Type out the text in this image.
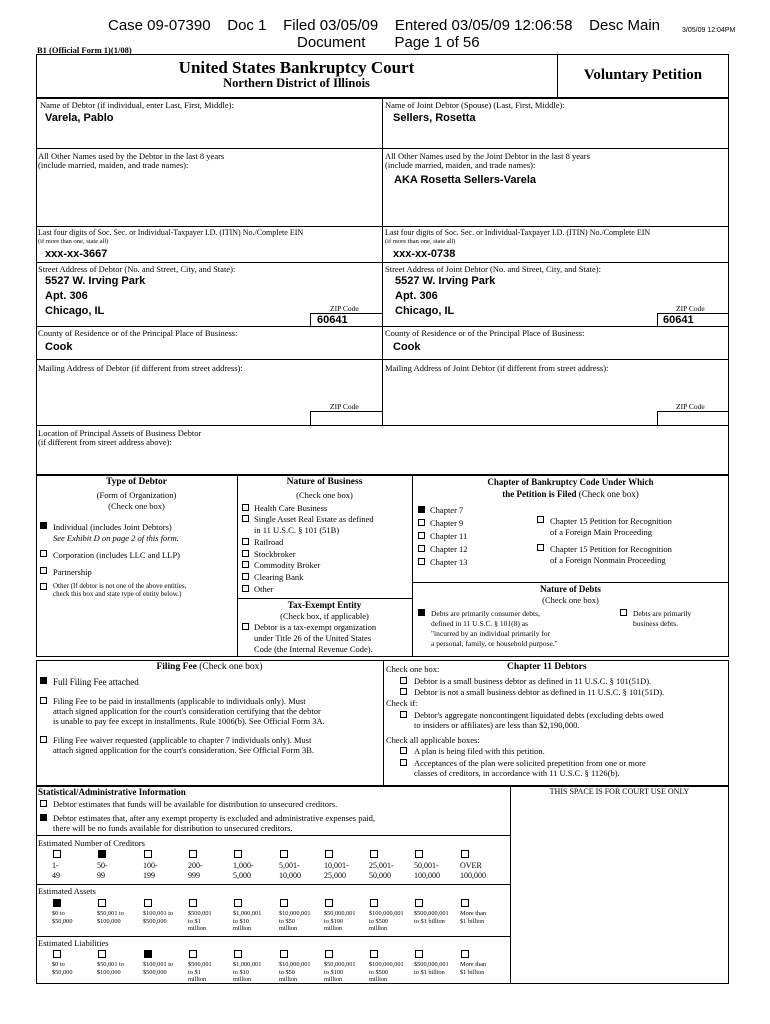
Case 09-07390    Doc 1    Filed 03/05/09    Entered 03/05/09 12:06:58    Desc Main
Document       Page 1 of 56
3/05/09 12:04PM
B1 (Official Form 1)(1/08)
United States Bankruptcy Court
Northern District of Illinois	Voluntary Petition
Name of Debtor (if individual, enter Last, First, Middle):
Varela, Pablo
Name of Joint Debtor (Spouse) (Last, First, Middle):
Sellers, Rosetta
All Other Names used by the Debtor in the last 8 years
(include married, maiden, and trade names):
All Other Names used by the Joint Debtor in the last 8 years
(include married, maiden, and trade names):
AKA Rosetta Sellers-Varela
Last four digits of Soc. Sec. or Individual-Taxpayer I.D. (ITIN) No./Complete EIN
(if more than one, state all)
xxx-xx-3667
Last four digits of Soc. Sec. or Individual-Taxpayer I.D. (ITIN) No./Complete EIN
(if more than one, state all)
xxx-xx-0738
Street Address of Debtor (No. and Street, City, and State):
5527 W. Irving Park
Apt. 306
Chicago, IL	ZIP Code
60641
Street Address of Joint Debtor (No. and Street, City, and State):
5527 W. Irving Park
Apt. 306
Chicago, IL	ZIP Code
60641
County of Residence or of the Principal Place of Business:
Cook
County of Residence or of the Principal Place of Business:
Cook
Mailing Address of Debtor (if different from street address):
ZIP Code
Mailing Address of Joint Debtor (if different from street address):
ZIP Code
Location of Principal Assets of Business Debtor
(if different from street address above):
Type of Debtor
(Form of Organization)
(Check one box)
Individual (includes Joint Debtors)
See Exhibit D on page 2 of this form.
Corporation (includes LLC and LLP)
Partnership
Other (If debtor is not one of the above entities,
check this box and state type of entity below.)
Nature of Business
(Check one box)
Health Care Business
Single Asset Real Estate as defined
in 11 U.S.C. § 101 (51B)
Railroad
Stockbroker
Commodity Broker
Clearing Bank
Other
Tax-Exempt Entity
(Check box, if applicable)
Debtor is a tax-exempt organization
under Title 26 of the United States
Code (the Internal Revenue Code).
Chapter of Bankruptcy Code Under Which
the Petition is Filed (Check one box)
Chapter 7
Chapter 9
Chapter 11
Chapter 12
Chapter 13
Chapter 15 Petition for Recognition
of a Foreign Main Proceeding
Chapter 15 Petition for Recognition
of a Foreign Nonmain Proceeding
Nature of Debts
(Check one box)
Debts are primarily consumer debts,
defined in 11 U.S.C. § 101(8) as
"incurred by an individual primarily for
a personal, family, or household purpose."
Debts are primarily
business debts.
Filing Fee (Check one box)
Full Filing Fee attached
Filing Fee to be paid in installments (applicable to individuals only). Must
attach signed application for the court's consideration certifying that the debtor
is unable to pay fee except in installments. Rule 1006(b). See Official Form 3A.
Filing Fee waiver requested (applicable to chapter 7 individuals only). Must
attach signed application for the court's consideration. See Official Form 3B.
Check one box:	Chapter 11 Debtors
Debtor is a small business debtor as defined in 11 U.S.C. § 101(51D).
Debtor is not a small business debtor as defined in 11 U.S.C. § 101(51D).
Check if:
Debtor's aggregate noncontingent liquidated debts (excluding debts owed
to insiders or affiliates) are less than $2,190,000.
Check all applicable boxes:
A plan is being filed with this petition.
Acceptances of the plan were solicited prepetition from one or more
classes of creditors, in accordance with 11 U.S.C. § 1126(b).
Statistical/Administrative Information	THIS SPACE IS FOR COURT USE ONLY
Debtor estimates that funds will be available for distribution to unsecured creditors.
Debtor estimates that, after any exempt property is excluded and administrative expenses paid,
there will be no funds available for distribution to unsecured creditors.
Estimated Number of Creditors
1-
49
50-
99
100-
199
200-
999
1,000-
5,000
5,001-
10,000
10,001-
25,000
25,001-
50,000
50,001-
100,000
OVER
100,000
Estimated Assets
$0 to
$50,000
$50,001 to
$100,000
$100,001 to
$500,000
$500,001
to $1
million
$1,000,001
to $10
million
$10,000,001
to $50
million
$50,000,001
to $100
million
$100,000,001
to $500
million
$500,000,001
to $1 billion
More than
$1 billion
Estimated Liabilities
$0 to
$50,000
$50,001 to
$100,000
$100,001 to
$500,000
$500,001
to $1
million
$1,000,001
to $10
million
$10,000,001
to $50
million
$50,000,001
to $100
million
$100,000,001
to $500
million
$500,000,001
to $1 billion
More than
$1 billion
